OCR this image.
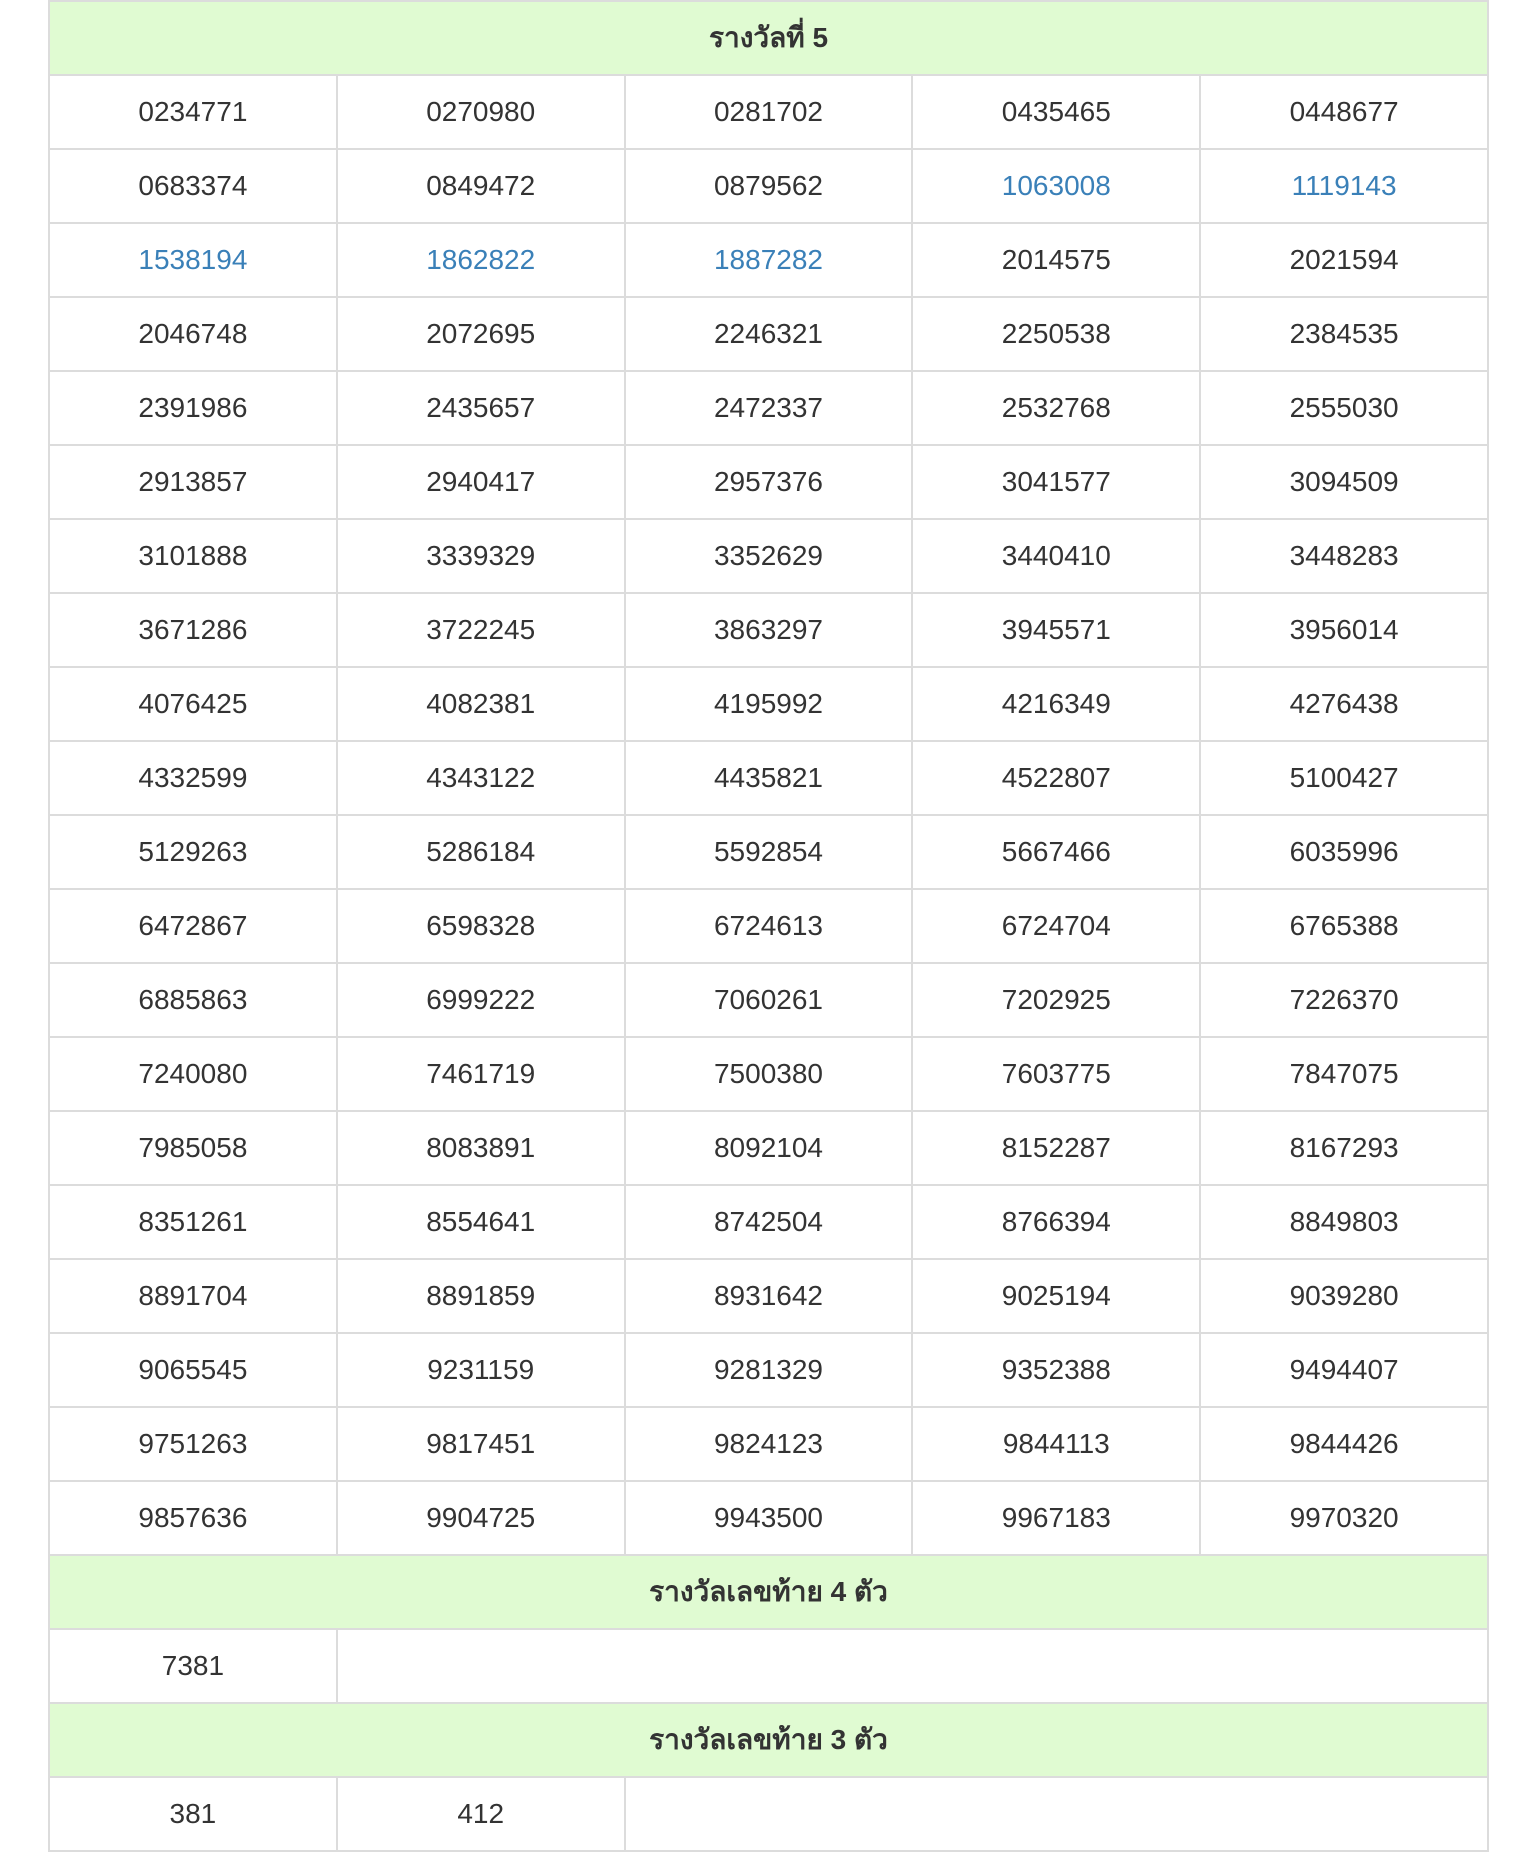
รางวัลที่ 5				
0234771	0270980	0281702	0435465	0448677
0683374	0849472	0879562	1063008	1119143
1538194	1862822	1887282	2014575	2021594
2046748	2072695	2246321	2250538	2384535
2391986	2435657	2472337	2532768	2555030
2913857	2940417	2957376	3041577	3094509
3101888	3339329	3352629	3440410	3448283
3671286	3722245	3863297	3945571	3956014
4076425	4082381	4195992	4216349	4276438
4332599	4343122	4435821	4522807	5100427
5129263	5286184	5592854	5667466	6035996
6472867	6598328	6724613	6724704	6765388
6885863	6999222	7060261	7202925	7226370
7240080	7461719	7500380	7603775	7847075
7985058	8083891	8092104	8152287	8167293
8351261	8554641	8742504	8766394	8849803
8891704	8891859	8931642	9025194	9039280
9065545	9231159	9281329	9352388	9494407
9751263	9817451	9824123	9844113	9844426
9857636	9904725	9943500	9967183	9970320
รางวัลเลขท้าย 4 ตัว				
7381				
รางวัลเลขท้าย 3 ตัว				
381	412			
